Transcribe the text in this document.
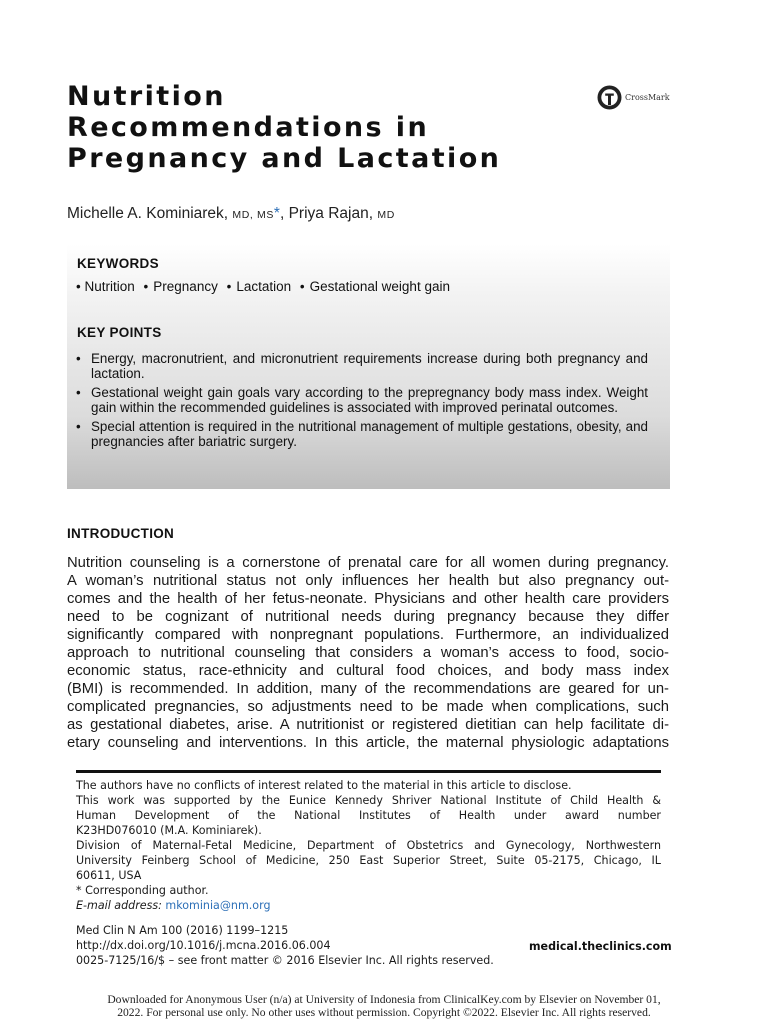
Nutrition
Recommendations in
Pregnancy and Lactation
CrossMark
Michelle A. Kominiarek, MD, MS*, Priya Rajan, MD
KEYWORDS
• Nutrition • Pregnancy • Lactation • Gestational weight gain
KEY POINTS
• Energy, macronutrient, and micronutrient requirements increase during both pregnancy and lactation.
• Gestational weight gain goals vary according to the prepregnancy body mass index. Weight gain within the recommended guidelines is associated with improved perinatal outcomes.
• Special attention is required in the nutritional management of multiple gestations, obesity, and pregnancies after bariatric surgery.
INTRODUCTION
Nutrition counseling is a cornerstone of prenatal care for all women during pregnancy.
A woman’s nutritional status not only influences her health but also pregnancy out-
comes and the health of her fetus-neonate. Physicians and other health care providers
need to be cognizant of nutritional needs during pregnancy because they differ
significantly compared with nonpregnant populations. Furthermore, an individualized
approach to nutritional counseling that considers a woman’s access to food, socio-
economic status, race-ethnicity and cultural food choices, and body mass index
(BMI) is recommended. In addition, many of the recommendations are geared for un-
complicated pregnancies, so adjustments need to be made when complications, such
as gestational diabetes, arise. A nutritionist or registered dietitian can help facilitate di-
etary counseling and interventions. In this article, the maternal physiologic adaptations
The authors have no conflicts of interest related to the material in this article to disclose.
This work was supported by the Eunice Kennedy Shriver National Institute of Child Health &
Human Development of the National Institutes of Health under award number
K23HD076010 (M.A. Kominiarek).
Division of Maternal-Fetal Medicine, Department of Obstetrics and Gynecology, Northwestern
University Feinberg School of Medicine, 250 East Superior Street, Suite 05-2175, Chicago, IL
60611, USA
* Corresponding author.
E-mail address: mkominia@nm.org
Med Clin N Am 100 (2016) 1199–1215
http://dx.doi.org/10.1016/j.mcna.2016.06.004	medical.theclinics.com
0025-7125/16/$ – see front matter © 2016 Elsevier Inc. All rights reserved.
Downloaded for Anonymous User (n/a) at University of Indonesia from ClinicalKey.com by Elsevier on November 01,
2022. For personal use only. No other uses without permission. Copyright ©2022. Elsevier Inc. All rights reserved.
